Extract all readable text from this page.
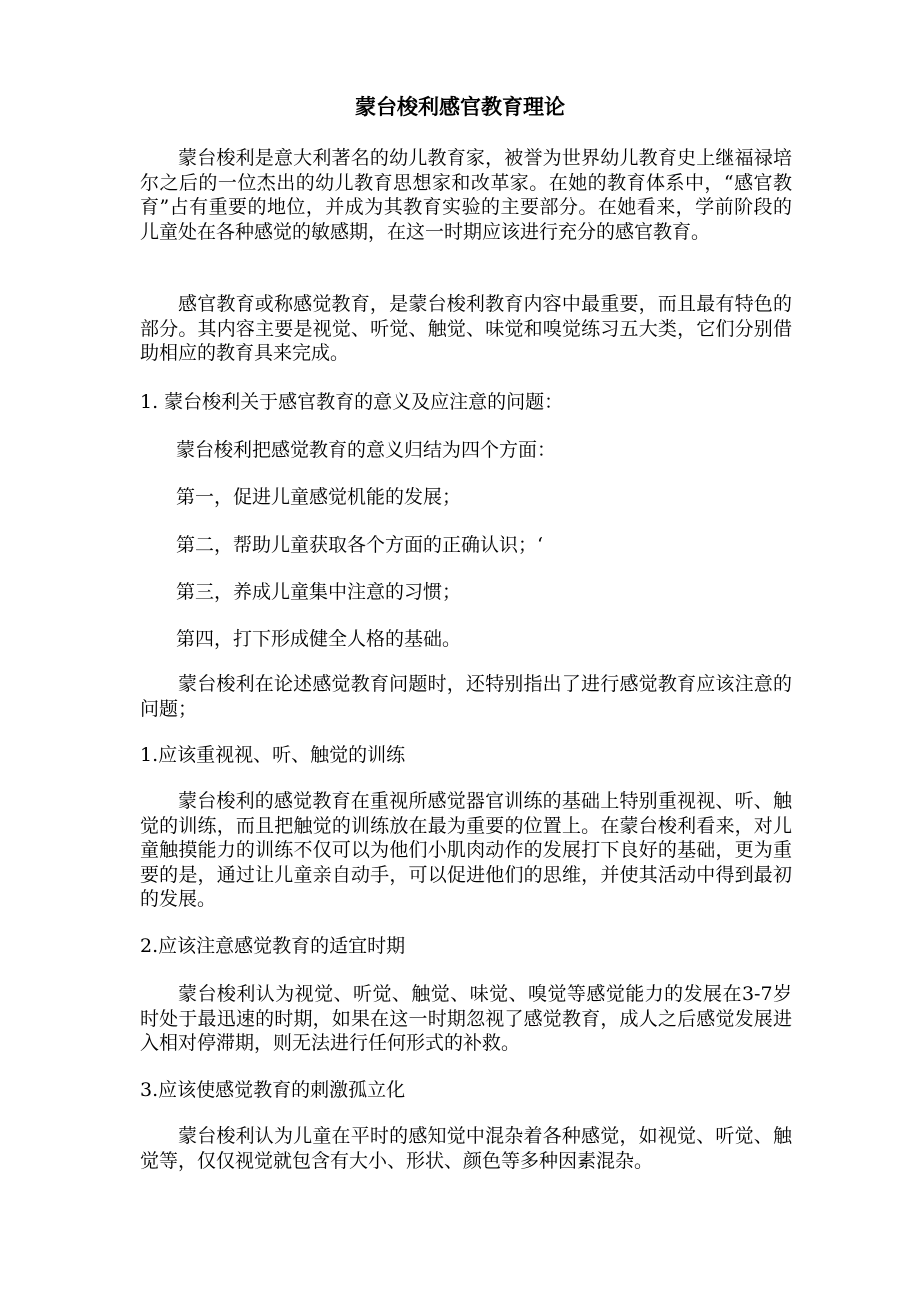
蒙台梭利感官教育理论
蒙台梭利是意大利著名的幼儿教育家，被誉为世界幼儿教育史上继福禄培尔之后的一位杰出的幼儿教育思想家和改革家。在她的教育体系中，“感官教育”占有重要的地位，并成为其教育实验的主要部分。在她看来，学前阶段的儿童处在各种感觉的敏感期，在这一时期应该进行充分的感官教育。
感官教育或称感觉教育，是蒙台梭利教育内容中最重要，而且最有特色的部分。其内容主要是视觉、听觉、触觉、味觉和嗅觉练习五大类，它们分别借助相应的教育具来完成。
1. 蒙台梭利关于感官教育的意义及应注意的问题：
蒙台梭利把感觉教育的意义归结为四个方面：
第一，促进儿童感觉机能的发展；
第二，帮助儿童获取各个方面的正确认识；‘
第三，养成儿童集中注意的习惯；
第四，打下形成健全人格的基础。
蒙台梭利在论述感觉教育问题时，还特别指出了进行感觉教育应该注意的问题；
1.应该重视视、听、触觉的训练
蒙台梭利的感觉教育在重视所感觉器官训练的基础上特别重视视、听、触觉的训练，而且把触觉的训练放在最为重要的位置上。在蒙台梭利看来，对儿童触摸能力的训练不仅可以为他们小肌肉动作的发展打下良好的基础，更为重要的是，通过让儿童亲自动手，可以促进他们的思维，并使其活动中得到最初的发展。
2.应该注意感觉教育的适宜时期
蒙台梭利认为视觉、听觉、触觉、味觉、嗅觉等感觉能力的发展在3-7岁时处于最迅速的时期，如果在这一时期忽视了感觉教育，成人之后感觉发展进入相对停滞期，则无法进行任何形式的补救。
3.应该使感觉教育的刺激孤立化
蒙台梭利认为儿童在平时的感知觉中混杂着各种感觉，如视觉、听觉、触觉等，仅仅视觉就包含有大小、形状、颜色等多种因素混杂。
